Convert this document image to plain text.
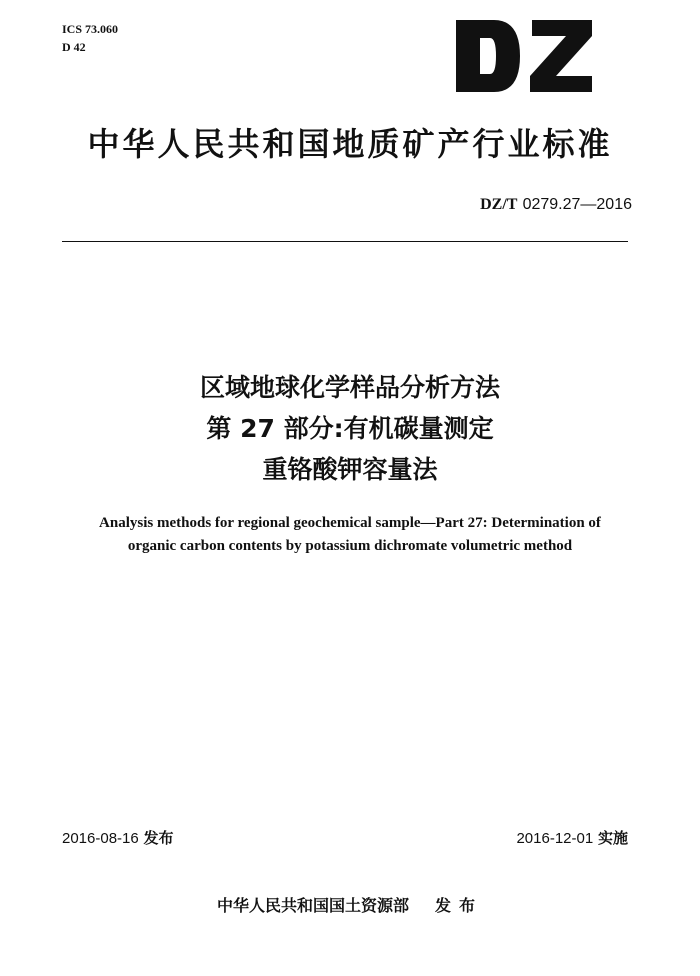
ICS 73.060
D 42
中华人民共和国地质矿产行业标准
DZ/T 0279.27—2016
区域地球化学样品分析方法
第 27 部分:有机碳量测定
重铬酸钾容量法
Analysis methods for regional geochemical sample—Part 27: Determination of
organic carbon contents by potassium dichromate volumetric method
2016-08-16 发布	2016-12-01 实施
中华人民共和国国土资源部 发布
